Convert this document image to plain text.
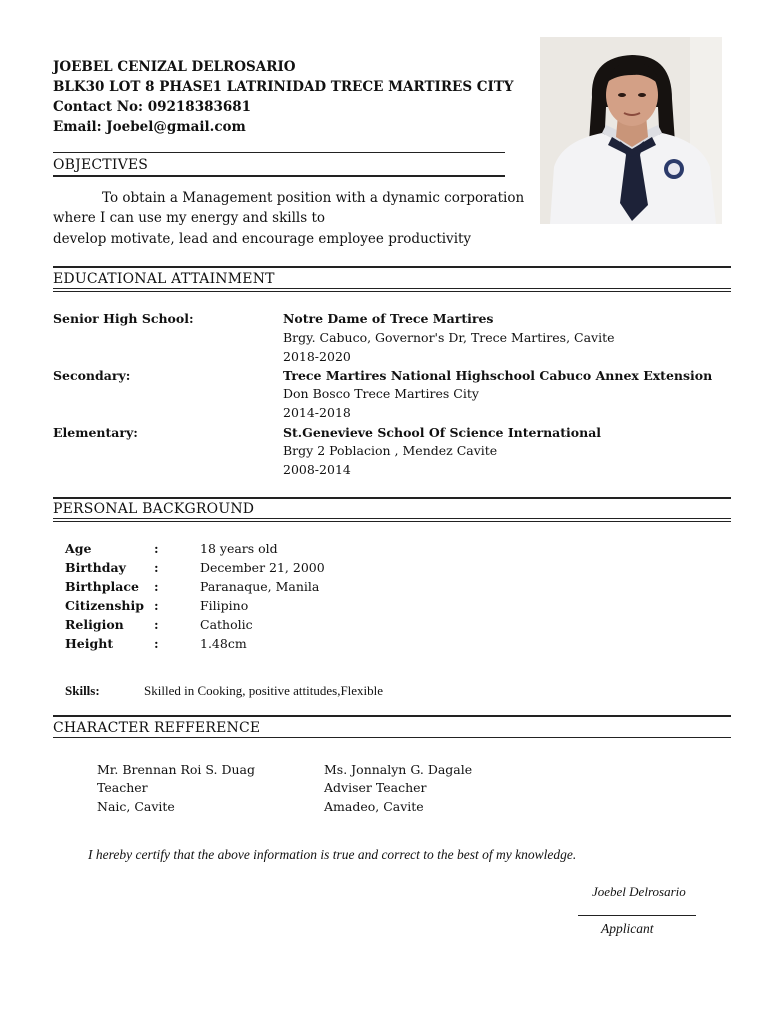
JOEBEL CENIZAL DELROSARIO
BLK30 LOT 8 PHASE1 LATRINIDAD TRECE MARTIRES CITY
Contact No: 09218383681
Email: Joebel@gmail.com
OBJECTIVES
To obtain a Management position with a dynamic corporation
where I can use my energy and skills to
develop motivate, lead and encourage employee productivity
EDUCATIONAL ATTAINMENT
Senior High School:	Notre Dame of Trece Martires
Brgy. Cabuco, Governor's Dr, Trece Martires, Cavite
2018-2020
Secondary:	Trece Martires National Highschool Cabuco Annex Extension
Don Bosco Trece Martires City
2014-2018
Elementary:	St.Genevieve School Of Science International
Brgy 2 Poblacion , Mendez Cavite
2008-2014
PERSONAL BACKGROUND
Age	:	18 years old
Birthday :	December 21, 2000
Birthplace :	Paranaque, Manila
Citizenship :	Filipino
Religion :	Catholic
Height	:	1.48cm
Skills:	Skilled in Cooking, positive attitudes,Flexible
CHARACTER REFFERENCE
Mr. Brennan Roi S. Duag
Teacher
Naic, Cavite
Ms. Jonnalyn G. Dagale
Adviser Teacher
Amadeo, Cavite
I hereby certify that the above information is true and correct to the best of my knowledge.
Joebel Delrosario
Applicant
